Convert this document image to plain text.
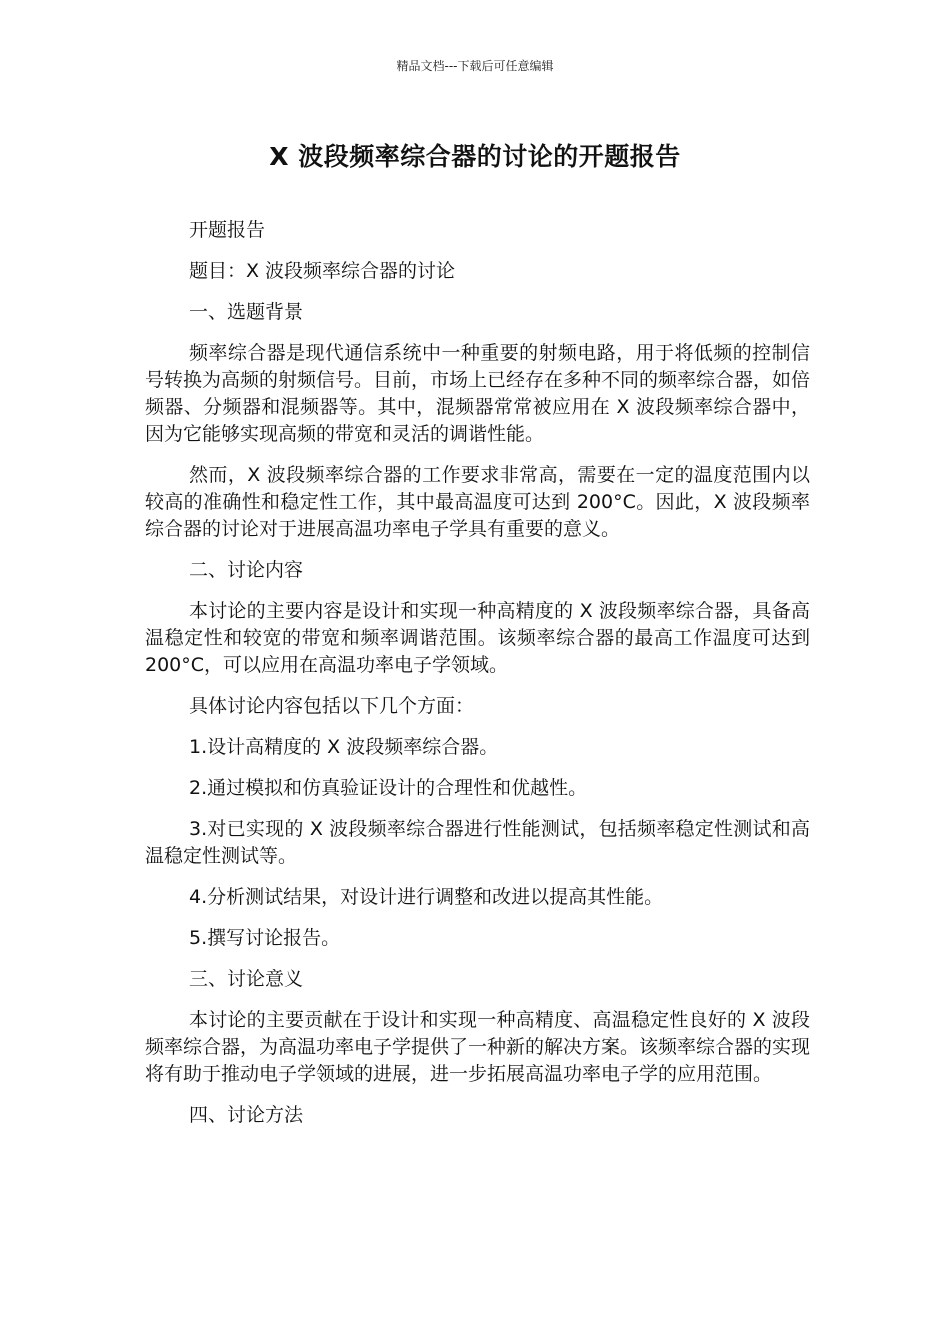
精品文档---下载后可任意编辑
X 波段频率综合器的讨论的开题报告

开题报告

题目：X 波段频率综合器的讨论

一、选题背景

频率综合器是现代通信系统中一种重要的射频电路，用于将低频的控制信号转换为高频的射频信号。目前，市场上已经存在多种不同的频率综合器，如倍频器、分频器和混频器等。其中，混频器常常被应用在 X 波段频率综合器中，因为它能够实现高频的带宽和灵活的调谐性能。

然而，X 波段频率综合器的工作要求非常高，需要在一定的温度范围内以较高的准确性和稳定性工作，其中最高温度可达到 200°C。因此，X 波段频率综合器的讨论对于进展高温功率电子学具有重要的意义。

二、讨论内容

本讨论的主要内容是设计和实现一种高精度的 X 波段频率综合器，具备高温稳定性和较宽的带宽和频率调谐范围。该频率综合器的最高工作温度可达到 200°C，可以应用在高温功率电子学领域。

具体讨论内容包括以下几个方面：

1.设计高精度的 X 波段频率综合器。

2.通过模拟和仿真验证设计的合理性和优越性。

3.对已实现的 X 波段频率综合器进行性能测试，包括频率稳定性测试和高温稳定性测试等。

4.分析测试结果，对设计进行调整和改进以提高其性能。

5.撰写讨论报告。

三、讨论意义

本讨论的主要贡献在于设计和实现一种高精度、高温稳定性良好的 X 波段频率综合器，为高温功率电子学提供了一种新的解决方案。该频率综合器的实现将有助于推动电子学领域的进展，进一步拓展高温功率电子学的应用范围。

四、讨论方法
